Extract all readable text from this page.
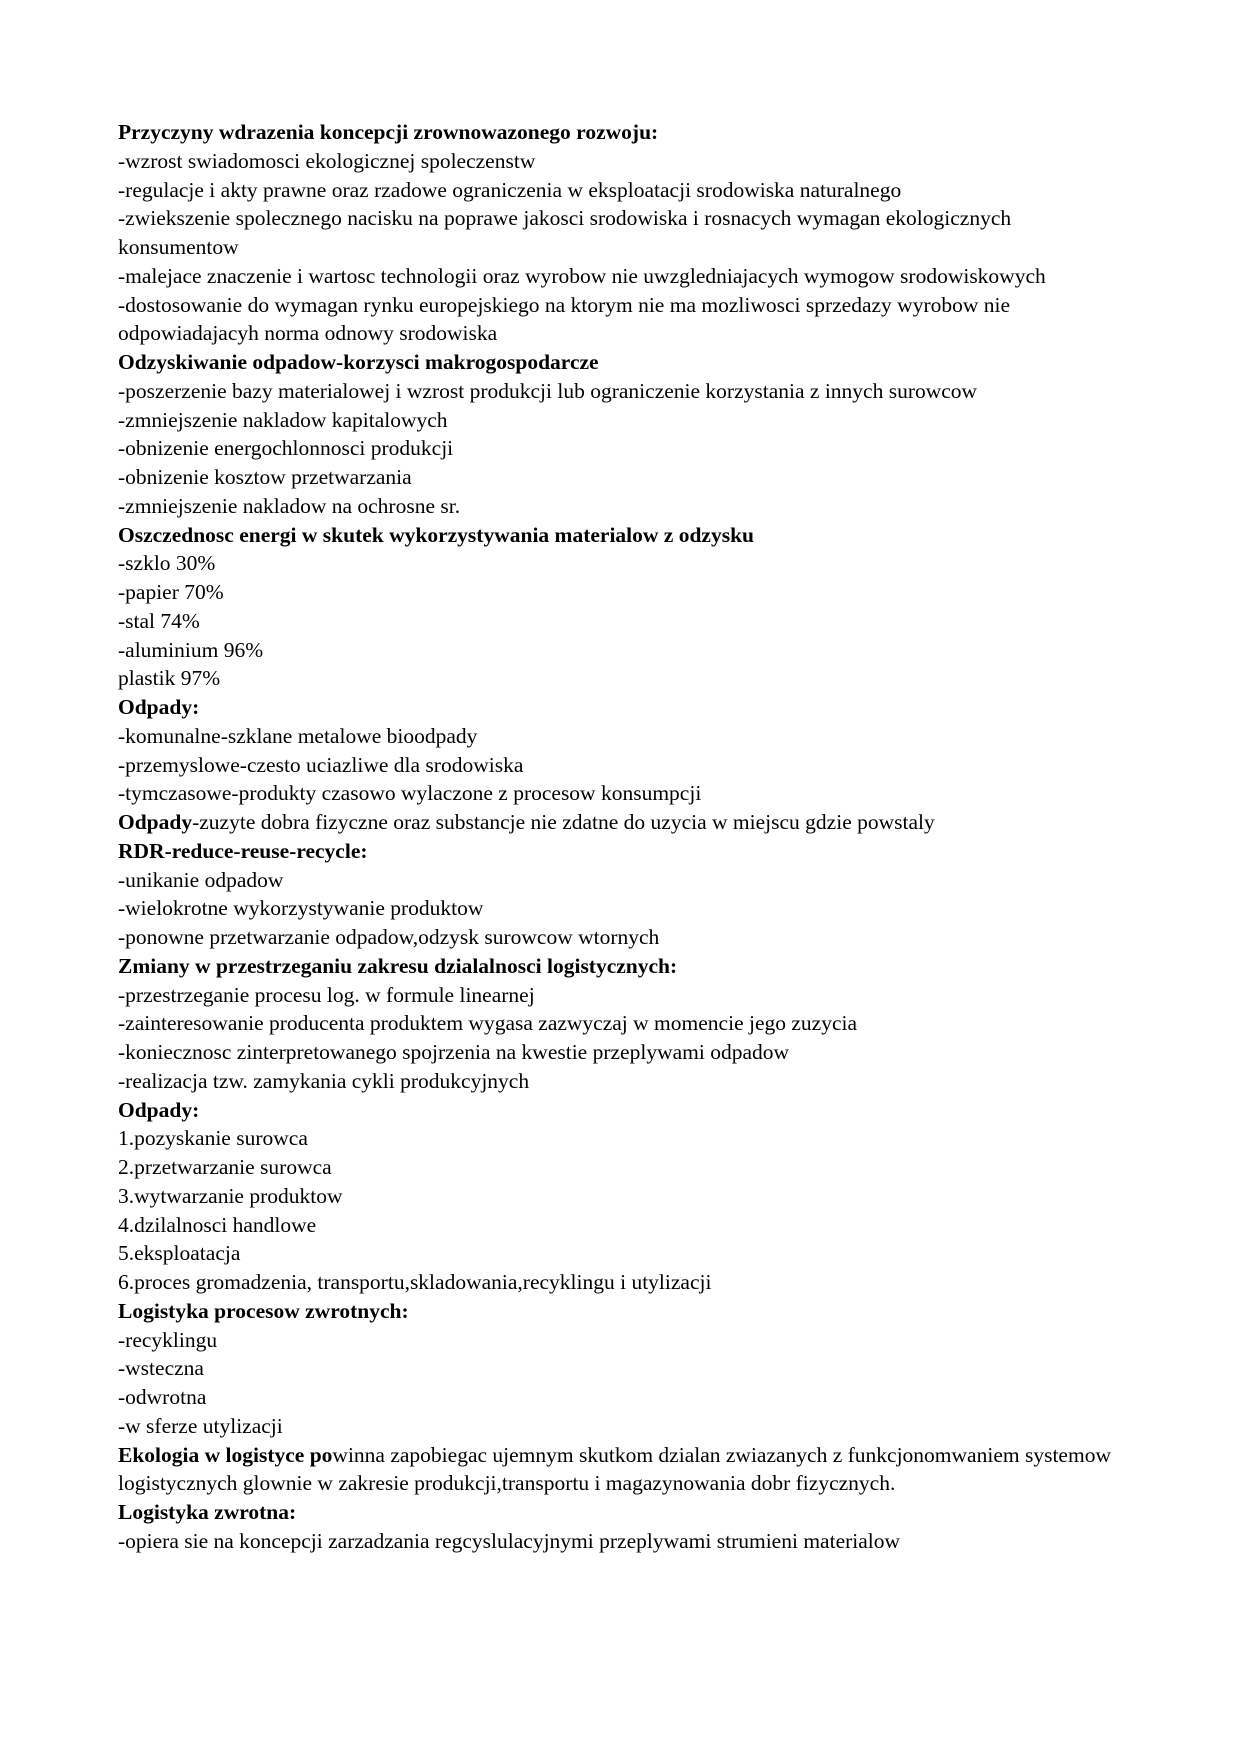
Przyczyny wdrazenia koncepcji zrownowazonego rozwoju:

-wzrost swiadomosci ekologicznej spoleczenstw

-regulacje i akty prawne oraz rzadowe ograniczenia w eksploatacji srodowiska naturalnego

-zwiekszenie spolecznego nacisku na poprawe jakosci srodowiska i rosnacych wymagan ekologicznych konsumentow

-malejace znaczenie i wartosc technologii oraz wyrobow nie uwzgledniajacych wymogow srodowiskowych

-dostosowanie do wymagan rynku europejskiego na ktorym nie ma mozliwosci sprzedazy wyrobow nie odpowiadajacyh norma odnowy srodowiska

Odzyskiwanie odpadow-korzysci makrogospodarcze

-poszerzenie bazy materialowej i wzrost produkcji lub ograniczenie korzystania z innych surowcow

-zmniejszenie nakladow kapitalowych

-obnizenie energochlonnosci produkcji

-obnizenie kosztow przetwarzania

-zmniejszenie nakladow na ochrosne sr.

Oszczednosc energi w skutek wykorzystywania materialow z odzysku

-szklo 30%

-papier 70%

-stal 74%

-aluminium 96%

plastik 97%

Odpady:

-komunalne-szklane metalowe bioodpady

-przemyslowe-czesto uciazliwe dla srodowiska

-tymczasowe-produkty czasowo wylaczone z procesow konsumpcji

Odpady-zuzyte dobra fizyczne oraz substancje nie zdatne do uzycia w miejscu gdzie powstaly

RDR-reduce-reuse-recycle:

-unikanie odpadow

-wielokrotne wykorzystywanie produktow

-ponowne przetwarzanie odpadow,odzysk surowcow wtornych

Zmiany w przestrzeganiu zakresu dzialalnosci logistycznych:

-przestrzeganie procesu log. w formule linearnej

-zainteresowanie producenta produktem wygasa zazwyczaj w momencie jego zuzycia

-koniecznosc zinterpretowanego spojrzenia na kwestie przeplywami odpadow

-realizacja tzw. zamykania cykli produkcyjnych

Odpady:

1.pozyskanie surowca

2.przetwarzanie surowca

3.wytwarzanie produktow

4.dzilalnosci handlowe

5.eksploatacja

6.proces gromadzenia, transportu,skladowania,recyklingu i utylizacji

Logistyka procesow zwrotnych:

-recyklingu

-wsteczna

-odwrotna

-w sferze utylizacji

Ekologia w logistyce powinna zapobiegac ujemnym skutkom dzialan zwiazanych z funkcjonomwaniem systemow logistycznych glownie w zakresie produkcji,transportu i magazynowania dobr fizycznych.

Logistyka zwrotna:

-opiera sie na koncepcji zarzadzania regcyslulacyjnymi przeplywami strumieni materialow
